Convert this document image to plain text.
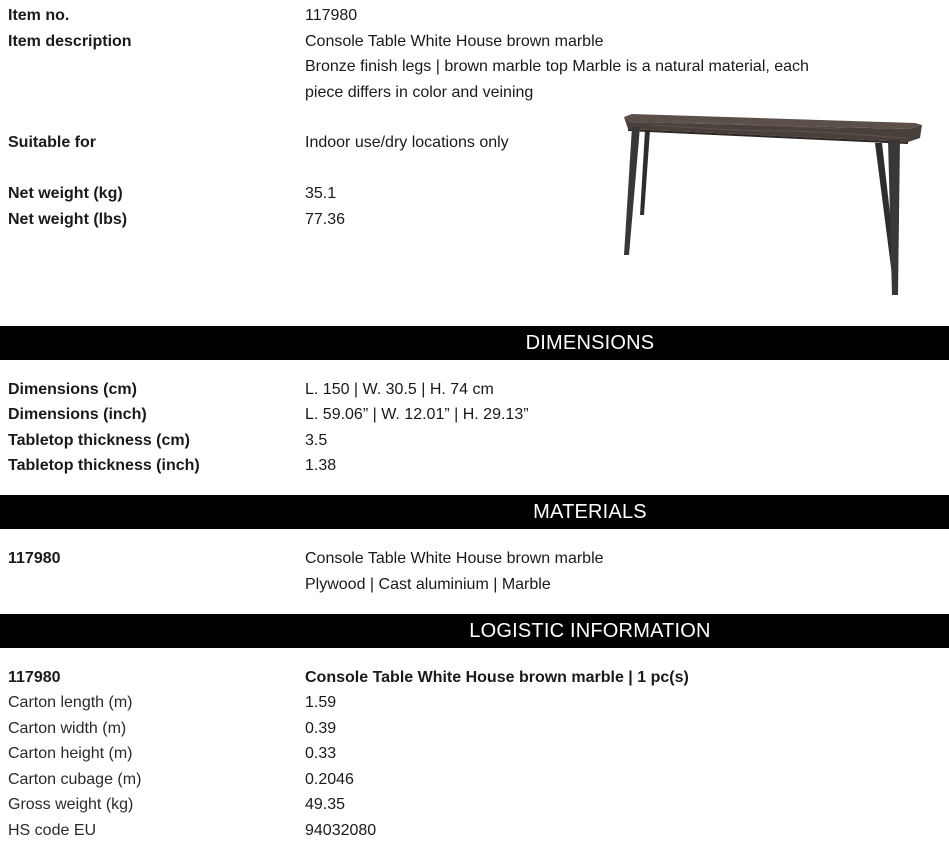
Item no.	117980
Item description	Console Table White House brown marble
Bronze finish legs | brown marble top Marble is a natural material, each
piece differs in color and veining
Suitable for	Indoor use/dry locations only
Net weight (kg)	35.1
Net weight (lbs)	77.36
DIMENSIONS
Dimensions (cm)	L. 150 | W. 30.5 | H. 74 cm
Dimensions (inch)	L. 59.06” | W. 12.01” | H. 29.13”
Tabletop thickness (cm)	3.5
Tabletop thickness (inch)	1.38
MATERIALS
117980	Console Table White House brown marble
Plywood | Cast aluminium | Marble
LOGISTIC INFORMATION
117980	Console Table White House brown marble | 1 pc(s)
Carton length (m)	1.59
Carton width (m)	0.39
Carton height (m)	0.33
Carton cubage (m)	0.2046
Gross weight (kg)	49.35
HS code EU	94032080
